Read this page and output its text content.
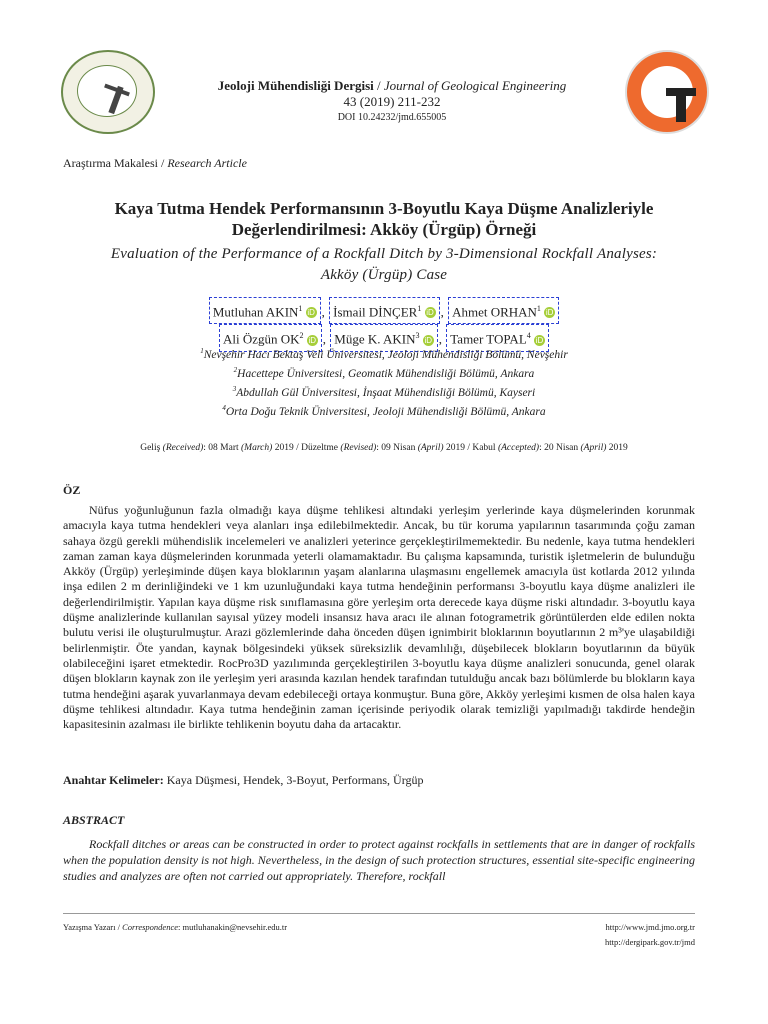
Jeoloji Mühendisliği Dergisi / Journal of Geological Engineering
43 (2019) 211-232
DOI 10.24232/jmd.655005
Araştırma Makalesi / Research Article
Kaya Tutma Hendek Performansının 3-Boyutlu Kaya Düşme Analizleriyle
Değerlendirilmesi: Akköy (Ürgüp) Örneği
Evaluation of the Performance of a Rockfall Ditch by 3-Dimensional Rockfall Analyses:
Akköy (Ürgüp) Case
Mutluhan AKIN$^1$ iD , İsmail DİNÇER$^1$ iD , Ahmet ORHAN$^1$ iD
Ali Özgün $OK^2$ iD , Müge K. AKIN$^3$ iD , Tamer TOPAL$^4$ iD
$^1$Nevşehir Hacı Bektaş Veli Üniversitesi, Jeoloji Mühendisliği Bölümü, Nevşehir
$^2$Hacettepe Üniversitesi, Geomatik Mühendisliği Bölümü, Ankara
$^3$Abdullah Gül Üniversitesi, İnşaat Mühendisliği Bölümü, Kayseri
$^4$Orta Doğu Teknik Üniversitesi, Jeoloji Mühendisliği Bölümü, Ankara
Geliş (Received): 08 Mart (March) 2019 / Düzeltme (Revised): 09 Nisan (April) 2019 / Kabul (Accepted): 20 Nisan (April) 2019
ÖZ
Nüfus yoğunluğunun fazla olmadığı kaya düşme tehlikesi altındaki yerleşim yerlerinde kaya düşmelerinden korunmak amacıyla kaya tutma hendekleri veya alanları inşa edilebilmektedir. Ancak, bu tür koruma yapılarının tasarımında çoğu zaman sahaya özgü gerekli mühendislik incelemeleri ve analizleri yeterince gerçekleştirilmemektedir. Bu nedenle, kaya tutma hendekleri zaman zaman kaya düşmelerinden korunmada yeterli olamamaktadır. Bu çalışma kapsamında, turistik işletmelerin de bulunduğu Akköy (Ürgüp) yerleşiminde düşen kaya bloklarının yaşam alanlarına ulaşmasını engellemek amacıyla üst kotlarda 2012 yılında inşa edilen 2 m derinliğindeki ve 1 km uzunluğundaki kaya tutma hendeğinin performansı 3-boyutlu kaya düşme analizleri ile değerlendirilmiştir. Yapılan kaya düşme risk sınıflamasına göre yerleşim orta derecede kaya düşme riski altındadır. 3-boyutlu kaya düşme analizlerinde kullanılan sayısal yüzey modeli insansız hava aracı ile alınan fotogrametrik görüntülerden elde edilen nokta bulutu verisi ile oluşturulmuştur. Arazi gözlemlerinde daha önceden düşen ignimbirit bloklarının boyutlarının 2 m³'ye ulaşabildiği belirlenmiştir. Öte yandan, kaynak bölgesindeki yüksek süreksizlik devamlılığı, düşebilecek blokların boyutlarının da büyük olabileceğini işaret etmektedir. RocPro3D yazılımında gerçekleştirilen 3-boyutlu kaya düşme analizleri sonucunda, genel olarak düşen blokların kaynak zon ile yerleşim yeri arasında kazılan hendek tarafından tutulduğu ancak bazı bölümlerde bu blokların kaya tutma hendeğini aşarak yuvarlanmaya devam edebileceği ortaya konmuştur. Buna göre, Akköy yerleşimi kısmen de olsa halen kaya düşme tehlikesi altındadır. Kaya tutma hendeğinin zaman içerisinde periyodik olarak temizliği yapılmadığı takdirde hendeğin kapasitesinin azalması ile birlikte tehlikenin boyutu daha da artacaktır.
Anahtar Kelimeler: Kaya Düşmesi, Hendek, 3-Boyut, Performans, Ürgüp
ABSTRACT
Rockfall ditches or areas can be constructed in order to protect against rockfalls in settlements that are in danger of rockfalls when the population density is not high. Nevertheless, in the design of such protection structures, essential site-specific engineering studies and analyzes are often not carried out appropriately. Therefore, rockfall
Yazışma Yazarı / Correspondence: mutluhanakin@nevsehir.edu.tr	http://www.jmd.jmo.org.tr
http://dergipark.gov.tr/jmd
